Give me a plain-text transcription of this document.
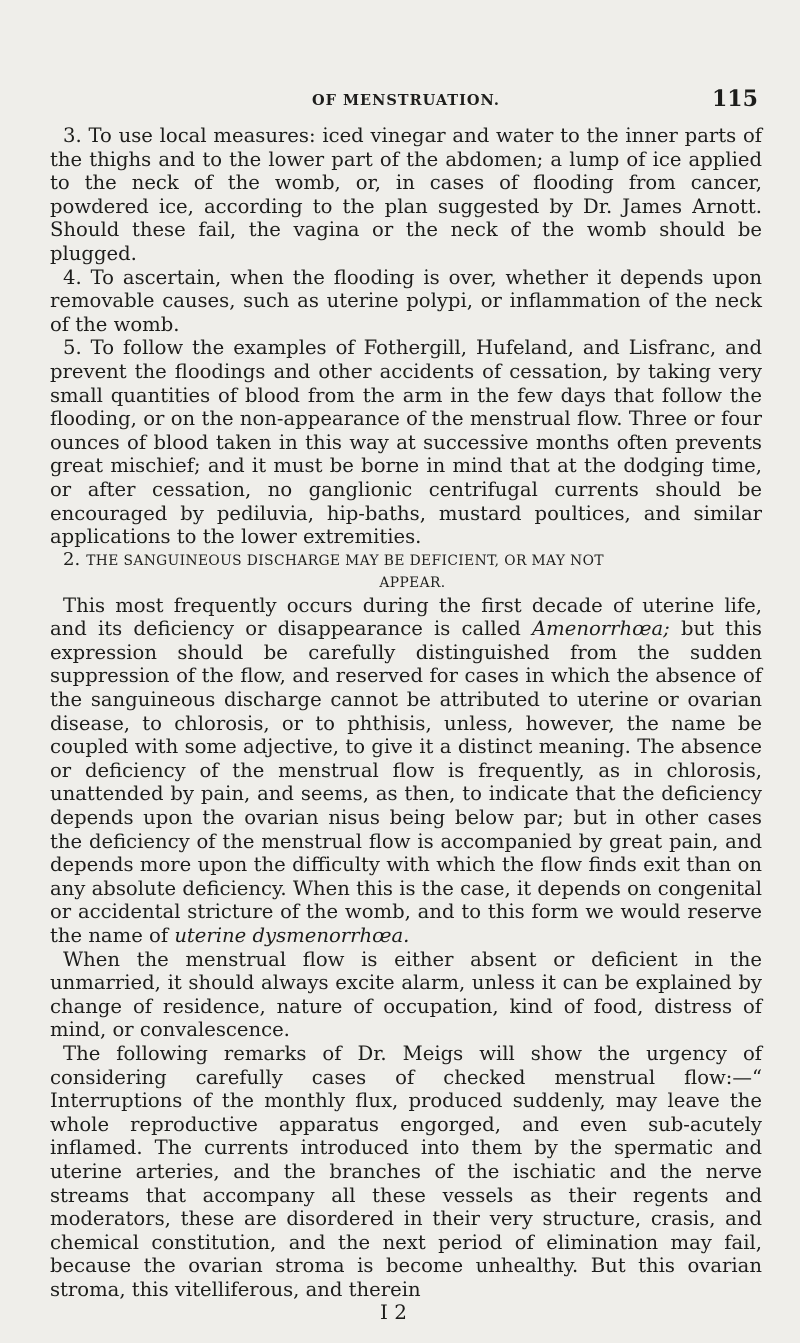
OF MENSTRUATION.	115

3. To use local measures: iced vinegar and water to the inner parts of the thighs and to the lower part of the abdomen; a lump of ice applied to the neck of the womb, or, in cases of flooding from cancer, powdered ice, according to the plan suggested by Dr. James Arnott. Should these fail, the vagina or the neck of the womb should be plugged.

4. To ascertain, when the flooding is over, whether it depends upon removable causes, such as uterine polypi, or inflammation of the neck of the womb.

5. To follow the examples of Fothergill, Hufeland, and Lisfranc, and prevent the floodings and other accidents of cessation, by taking very small quantities of blood from the arm in the few days that follow the flooding, or on the non-appearance of the menstrual flow. Three or four ounces of blood taken in this way at successive months often prevents great mischief; and it must be borne in mind that at the dodging time, or after cessation, no ganglionic centrifugal currents should be encouraged by pediluvia, hip-baths, mustard poultices, and similar applications to the lower extremities.

2. THE SANGUINEOUS DISCHARGE MAY BE DEFICIENT, OR MAY NOT
APPEAR.

This most frequently occurs during the first decade of uterine life, and its deficiency or disappearance is called Amenorrhœa; but this expression should be carefully distinguished from the sudden suppression of the flow, and reserved for cases in which the absence of the sanguineous discharge cannot be attributed to uterine or ovarian disease, to chlorosis, or to phthisis, unless, however, the name be coupled with some adjective, to give it a distinct meaning. The absence or deficiency of the menstrual flow is frequently, as in chlorosis, unattended by pain, and seems, as then, to indicate that the deficiency depends upon the ovarian nisus being below par; but in other cases the deficiency of the menstrual flow is accompanied by great pain, and depends more upon the difficulty with which the flow finds exit than on any absolute deficiency. When this is the case, it depends on congenital or accidental stricture of the womb, and to this form we would reserve the name of uterine dysmenorrhœa.

When the menstrual flow is either absent or deficient in the unmarried, it should always excite alarm, unless it can be explained by change of residence, nature of occupation, kind of food, distress of mind, or convalescence.

The following remarks of Dr. Meigs will show the urgency of considering carefully cases of checked menstrual flow:—“ Interruptions of the monthly flux, produced suddenly, may leave the whole reproductive apparatus engorged, and even sub-acutely inflamed. The currents introduced into them by the spermatic and uterine arteries, and the branches of the ischiatic and the nerve streams that accompany all these vessels as their regents and moderators, these are disordered in their very structure, crasis, and chemical constitution, and the next period of elimination may fail, because the ovarian stroma is become unhealthy. But this ovarian stroma, this vitelliferous, and therein

I 2
